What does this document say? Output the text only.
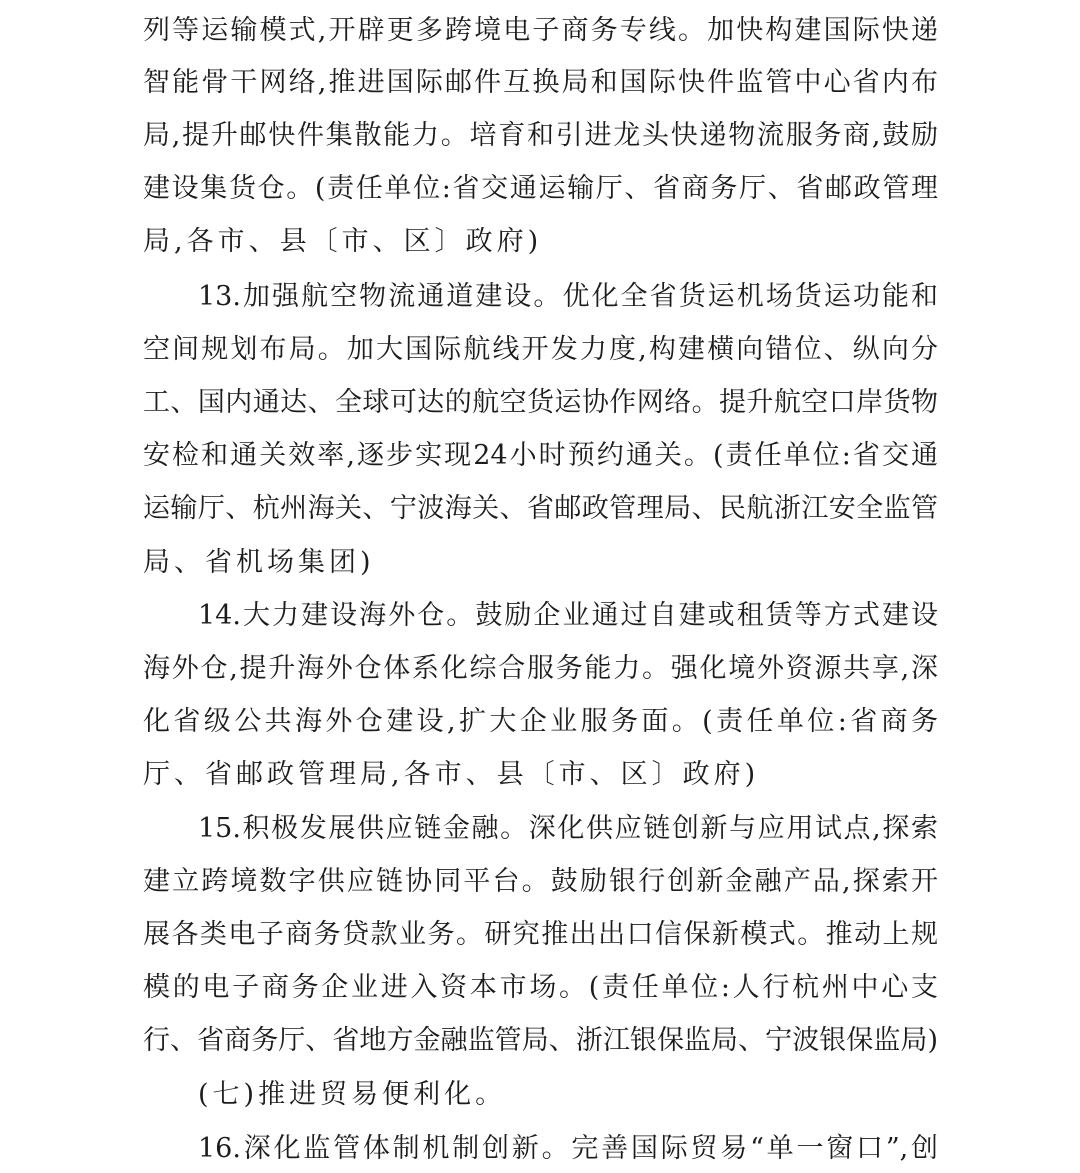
列等运输模式,开辟更多跨境电子商务专线。加快构建国际快递
智能骨干网络,推进国际邮件互换局和国际快件监管中心省内布
局,提升邮快件集散能力。培育和引进龙头快递物流服务商,鼓励
建设集货仓。(责任单位:省交通运输厅、省商务厅、省邮政管理
局,各市、县〔市、区〕政府)
13.加强航空物流通道建设。优化全省货运机场货运功能和
空间规划布局。加大国际航线开发力度,构建横向错位、纵向分
工、国内通达、全球可达的航空货运协作网络。提升航空口岸货物
安检和通关效率,逐步实现24小时预约通关。(责任单位:省交通
运输厅、杭州海关、宁波海关、省邮政管理局、民航浙江安全监管
局、省机场集团)
14.大力建设海外仓。鼓励企业通过自建或租赁等方式建设
海外仓,提升海外仓体系化综合服务能力。强化境外资源共享,深
化省级公共海外仓建设,扩大企业服务面。(责任单位:省商务
厅、省邮政管理局,各市、县〔市、区〕政府)
15.积极发展供应链金融。深化供应链创新与应用试点,探索
建立跨境数字供应链协同平台。鼓励银行创新金融产品,探索开
展各类电子商务贷款业务。研究推出出口信保新模式。推动上规
模的电子商务企业进入资本市场。(责任单位:人行杭州中心支
行、省商务厅、省地方金融监管局、浙江银保监局、宁波银保监局)
(七)推进贸易便利化。
16.深化监管体制机制创新。完善国际贸易“单一窗口”,创
